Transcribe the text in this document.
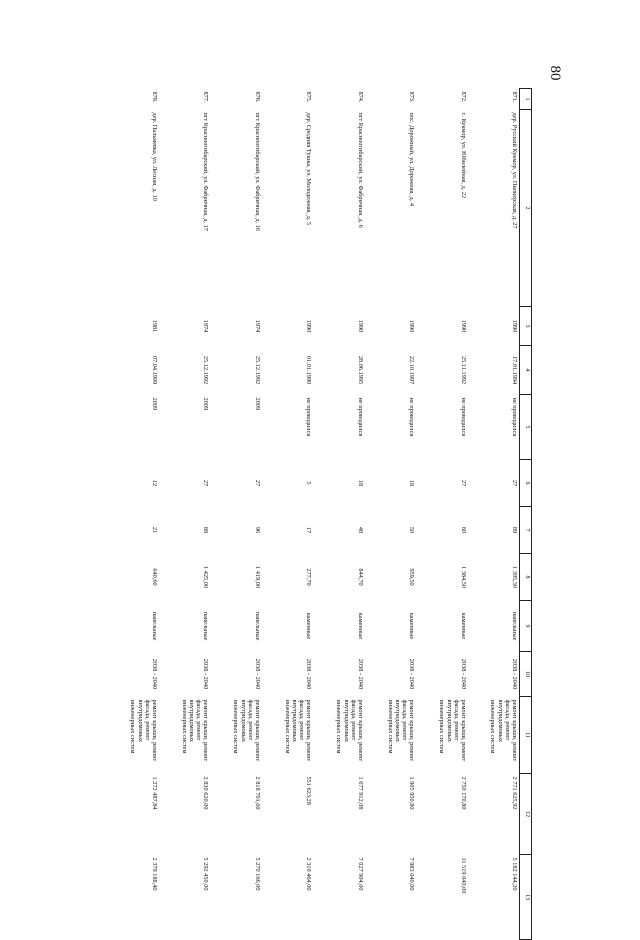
80
1	2	3	4	5	6	7	8	9	10	11	12	13
871.	дер. Русский Кукмор, ул. Пионерская, д. 27	1990	17.01.1994	не проводился	27	89	1 395,30	панельные	2038 - 2040	ремонт крыши, ремонт фасада, ремонт внутридомовых инженерных систем	2 771 625,92	5 182 144,20
872.	с. Кукмор, ул. Юбилейная, д. 22	1990	25.11.1992	не проводился	27	80	1 384,50	каменные	2038 - 2040	ремонт крыши, ремонт фасада, ремонт внутридомовых инженерных систем	2 750 170,80	11 519 040,00
873.	пос. Дорожный, ул. Дорожная, д. 4	1990	22.10.1997	не проводился	18	50	959,50	каменные	2038 - 2040	ремонт крыши, ремонт фасада, ремонт внутридомовых инженерных систем	1 905 950,80	7 983 040,00
874.	пгт Красноогибарский, ул. Фабричная, д. 6	1990	28.06.1995	не проводился	18	48	844,70	каменные	2038 - 2040	ремонт крыши, ремонт фасада, ремонт внутридомовых инженерных систем	1 677 912,08	7 027 904,00
875.	дер. Средняя Тушка, ул. Молодежная, д. 5	1990	01.01.1990	не проводился	5	17	277,70	каменные	2038 - 2040	ремонт крыши, ремонт фасада, ремонт внутридомовых инженерных систем	551 623,28	2 310 464,00
876.	пгт Красноогибарский, ул. Фабричная, д. 16	1974	25.12.1992	2009	27	96	1 419,00	панельные	2038 - 2040	ремонт крыши, ремонт фасада, ремонт внутридомовых инженерных систем	2 818 701,60	5 270 166,00
877.	пгт Красноогибарский, ул. Фабричная, д. 17	1974	25.12.1992	2009	27	88	1 425,00	панельные	2038 - 2040	ремонт крыши, ремонт фасада, ремонт внутридомовых инженерных систем	2 830 620,00	5 292 450,00
878.	дер. Пальмевка, ул. Лесная, д. 10	1981	07.04.1999	2009	12	21	640,60	панельные	2038 - 2040	ремонт крыши, ремонт фасада, ремонт внутридомовых инженерных систем	1 272 487,84	2 379 188,40
